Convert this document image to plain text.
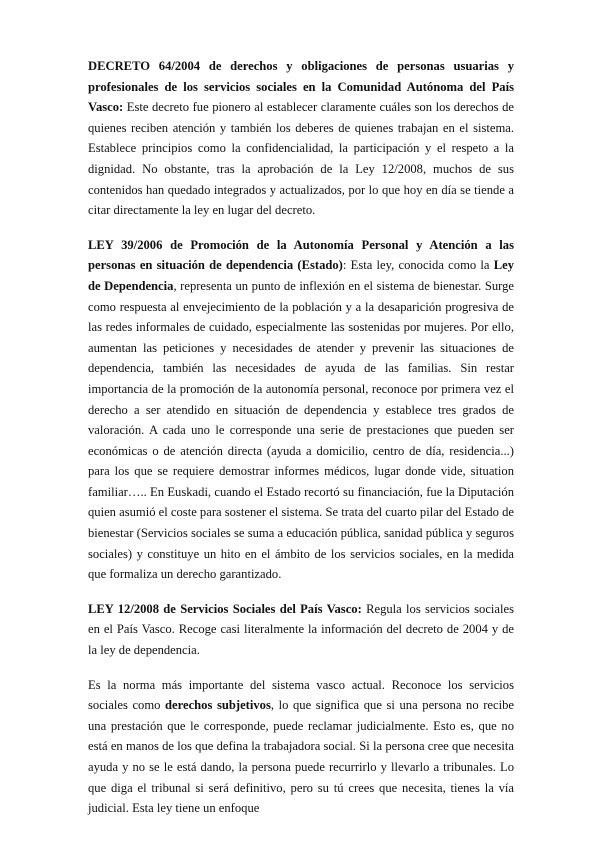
DECRETO 64/2004 de derechos y obligaciones de personas usuarias y profesionales de los servicios sociales en la Comunidad Autónoma del País Vasco: Este decreto fue pionero al establecer claramente cuáles son los derechos de quienes reciben atención y también los deberes de quienes trabajan en el sistema. Establece principios como la confidencialidad, la participación y el respeto a la dignidad. No obstante, tras la aprobación de la Ley 12/2008, muchos de sus contenidos han quedado integrados y actualizados, por lo que hoy en día se tiende a citar directamente la ley en lugar del decreto.

LEY 39/2006 de Promoción de la Autonomía Personal y Atención a las personas en situación de dependencia (Estado): Esta ley, conocida como la Ley de Dependencia, representa un punto de inflexión en el sistema de bienestar. Surge como respuesta al envejecimiento de la población y a la desaparición progresiva de las redes informales de cuidado, especialmente las sostenidas por mujeres. Por ello, aumentan las peticiones y necesidades de atender y prevenir las situaciones de dependencia, también las necesidades de ayuda de las familias. Sin restar importancia de la promoción de la autonomía personal, reconoce por primera vez el derecho a ser atendido en situación de dependencia y establece tres grados de valoración. A cada uno le corresponde una serie de prestaciones que pueden ser económicas o de atención directa (ayuda a domicilio, centro de día, residencia...) para los que se requiere demostrar informes médicos, lugar donde vide, situation familiar….. En Euskadi, cuando el Estado recortó su financiación, fue la Diputación quien asumió el coste para sostener el sistema. Se trata del cuarto pilar del Estado de bienestar (Servicios sociales se suma a educación pública, sanidad pública y seguros sociales) y constituye un hito en el ámbito de los servicios sociales, en la medida que formaliza un derecho garantizado.

LEY 12/2008 de Servicios Sociales del País Vasco: Regula los servicios sociales en el País Vasco. Recoge casi literalmente la información del decreto de 2004 y de la ley de dependencia.

Es la norma más importante del sistema vasco actual. Reconoce los servicios sociales como derechos subjetivos, lo que significa que si una persona no recibe una prestación que le corresponde, puede reclamar judicialmente. Esto es, que no está en manos de los que defina la trabajadora social. Si la persona cree que necesita ayuda y no se le está dando, la persona puede recurrirlo y llevarlo a tribunales. Lo que diga el tribunal si será definitivo, pero su tú crees que necesita, tienes la vía judicial. Esta ley tiene un enfoque
